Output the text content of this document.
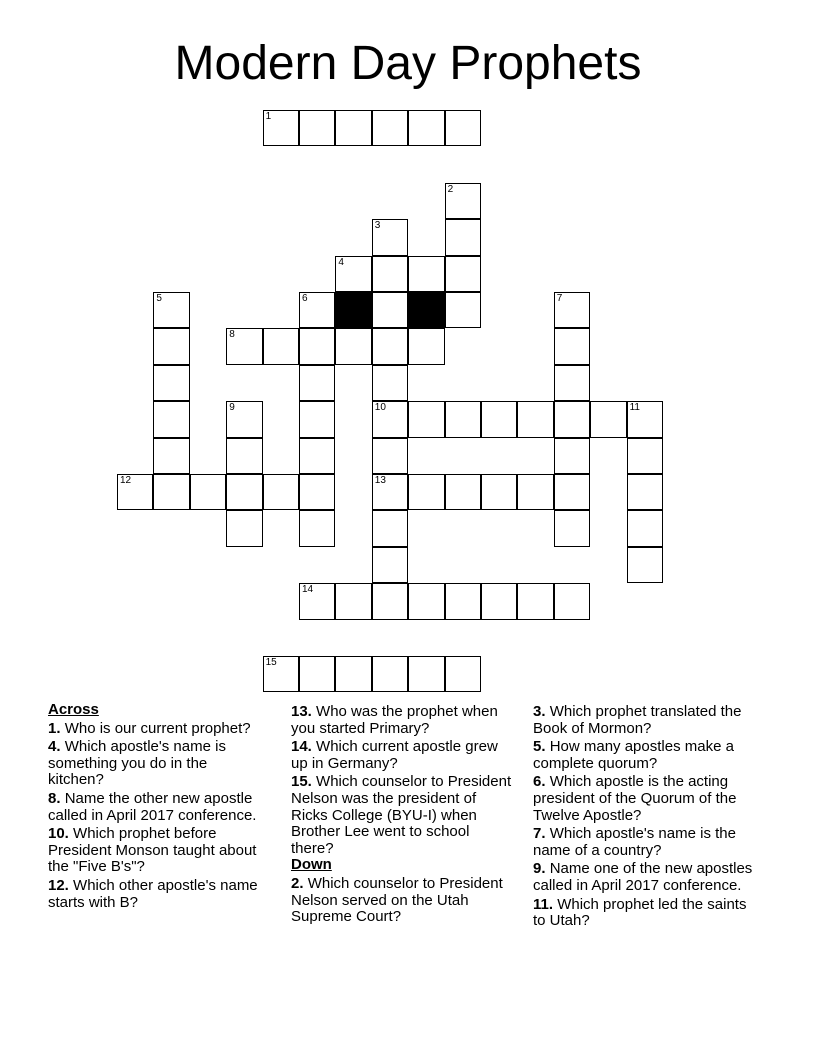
Modern Day Prophets
1
2
3
10
13
4
5	6	7
8
9	11
12
14
15
Across
1. Who is our current prophet?
4. Which apostle's name is something you do in the kitchen?
8. Name the other new apostle called in April 2017 conference.
10. Which prophet before President Monson taught about the "Five B's"?
12. Which other apostle's name starts with B?
13. Who was the prophet when you started Primary?
14. Which current apostle grew up in Germany?
15. Which counselor to President Nelson was the president of Ricks College (BYU-I) when Brother Lee went to school there?
Down
2. Which counselor to President Nelson served on the Utah Supreme Court?
3. Which prophet translated the Book of Mormon?
5. How many apostles make a complete quorum?
6. Which apostle is the acting president of the Quorum of the Twelve Apostle?
7. Which apostle's name is the name of a country?
9. Name one of the new apostles called in April 2017 conference.
11. Which prophet led the saints to Utah?
